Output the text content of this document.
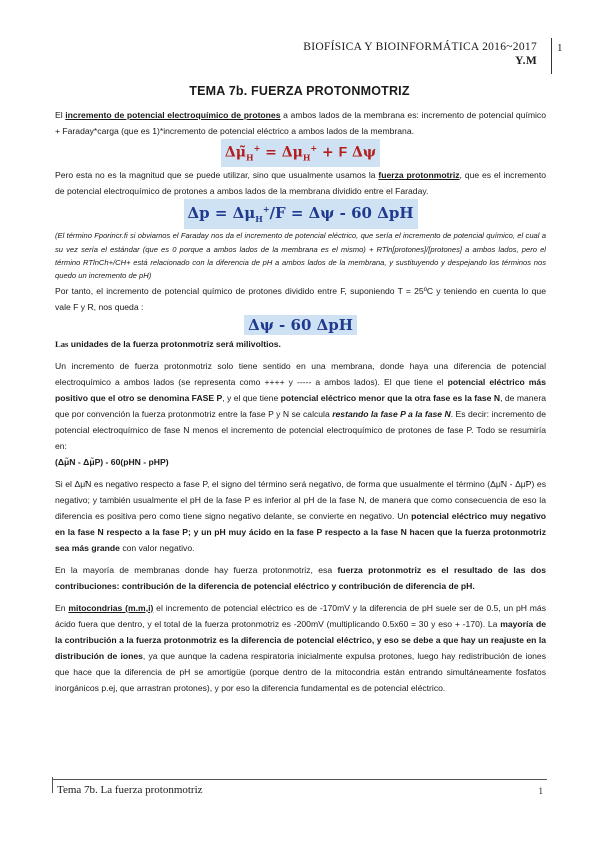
BIOFÍSICA Y BIOINFORMÁTICA 2016~2017
Y.M
1
TEMA 7b. FUERZA PROTONMOTRIZ

El incremento de potencial electroquímico de protones a ambos lados de la membrana es: incremento de potencial químico + Faraday*carga (que es 1)*incremento de potencial eléctrico a ambos lados de la membrana.

$\Delta\mũ_H^+ = \Delta\mu_H^+ + F$ Δψ

Pero esta no es la magnitud que se puede utilizar, sino que usualmente usamos la fuerza protonmotriz, que es el incremento de potencial electroquímico de protones a ambos lados de la membrana dividido entre el Faraday.

$\Delta p = \Delta\mu_H^+/F = \Delta\psi - 60$ ΔpH

(El término Fporincr.fi si obviamos el Faraday nos da el incremento de potencial eléctrico, que sería el incremento de potencial químico, el cual a su vez sería el estándar (que es 0 porque a ambos lados de la membrana es el mismo) + RTln[protones]/[protones] a ambos lados, pero el término RTlnCh+/CH+ está relacionado con la diferencia de pH a ambos lados de la membrana, y sustituyendo y despejando los términos nos quedo un incremento de pH)

Por tanto, el incremento de potencial químico de protones dividido entre F, suponiendo T = 25ºC y teniendo en cuenta lo que vale F y R, nos queda :

Δψ - 60 ΔpH

Las unidades de la fuerza protonmotriz será milivoltios.

Un incremento de fuerza protonmotriz solo tiene sentido en una membrana, donde haya una diferencia de potencial electroquímico a ambos lados (se representa como ++++ y ----- a ambos lados). El que tiene el potencial eléctrico más positivo que el otro se denomina FASE P, y el que tiene potencial eléctrico menor que la otra fase es la fase N, de manera que por convención la fuerza protonmotriz entre la fase P y N se calcula restando la fase P a la fase N. Es decir: incremento de potencial electroquímico de fase N menos el incremento de potencial electroquímico de protones de fase P. Todo se resumiría en:
(Δμ̃N - Δμ̃P) - 60(pHN - pHP)

Si el Δμ̃N es negativo respecto a fase P, el signo del término será negativo, de forma que usualmente el término (Δμ̃N - Δμ̃P) es negativo; y también usualmente el pH de la fase P es inferior al pH de la fase N, de manera que como consecuencia de eso la diferencia es positiva pero como tiene signo negativo delante, se convierte en negativo. Un potencial eléctrico muy negativo en la fase N respecto a la fase P; y un pH muy ácido en la fase P respecto a la fase N hacen que la fuerza protonmotriz sea más grande con valor negativo.

En la mayoría de membranas donde hay fuerza protonmotriz, esa fuerza protonmotriz es el resultado de las dos contribuciones: contribución de la diferencia de potencial eléctrico y contribución de diferencia de pH.

En mitocondrias (m.m,i) el incremento de potencial eléctrico es de -170mV y la diferencia de pH suele ser de 0.5, un pH más ácido fuera que dentro, y el total de la fuerza protonmotriz es -200mV (multiplicando 0.5x60 = 30 y eso + -170). La mayoría de la contribución a la fuerza protonmotriz es la diferencia de potencial eléctrico, y eso se debe a que hay un reajuste en la distribución de iones, ya que aunque la cadena respiratoria inicialmente expulsa protones, luego hay redistribución de iones que hace que la diferencia de pH se amortigüe (porque dentro de la mitocondria están entrando simultáneamente fosfatos inorgánicos p.ej, que arrastran protones), y por eso la diferencia fundamental es de potencial eléctrico.

Tema 7b. La fuerza protonmotriz	1
